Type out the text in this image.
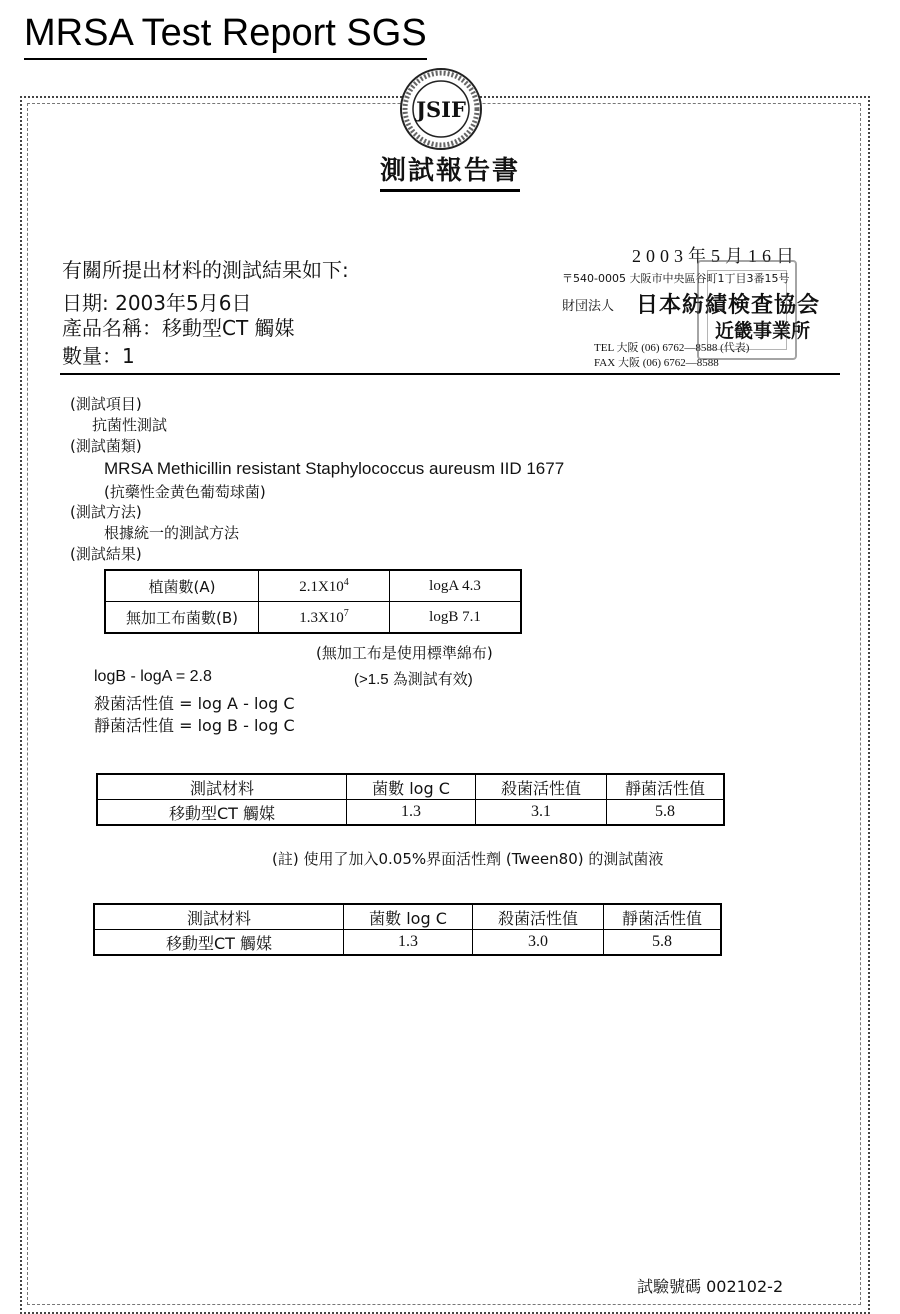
MRSA Test Report SGS
JSIF
測試報告書
有關所提出材料的測試結果如下:
日期: 2003年5月6日
產品名稱：移動型CT 觸媒
數量：1
2003年5月16日
〒540-0005 大阪市中央區谷町1丁目3番15号
財団法人 日本紡績検査協会
近畿事業所
TEL 大阪 (06) 6762—8588 (代表)
FAX 大阪 (06) 6762—8588
(測試項目)
抗菌性測試
(測試菌類)
MRSA Methicillin resistant Staphylococcus aureusm IID 1677
(抗藥性金黄色葡萄球菌)
(測試方法)
根據統一的測試方法
(測試結果)
植菌數(A)	$2.1X10^4$	logA 4.3
無加工布菌數(B)	$1.3X10^7$	logB 7.1
(無加工布是使用標準綿布)
logB - logA = 2.8	(>1.5 為測試有效)
殺菌活性值 = log A - log C
靜菌活性值 = log B - log C
測試材料	菌數 log C	殺菌活性值	靜菌活性值
移動型CT 觸媒	1.3	3.1	5.8
(註) 使用了加入0.05%界面活性劑 (Tween80) 的測試菌液
測試材料	菌數 log C	殺菌活性值	靜菌活性值
移動型CT 觸媒	1.3	3.0	5.8
試驗號碼 002102-2
